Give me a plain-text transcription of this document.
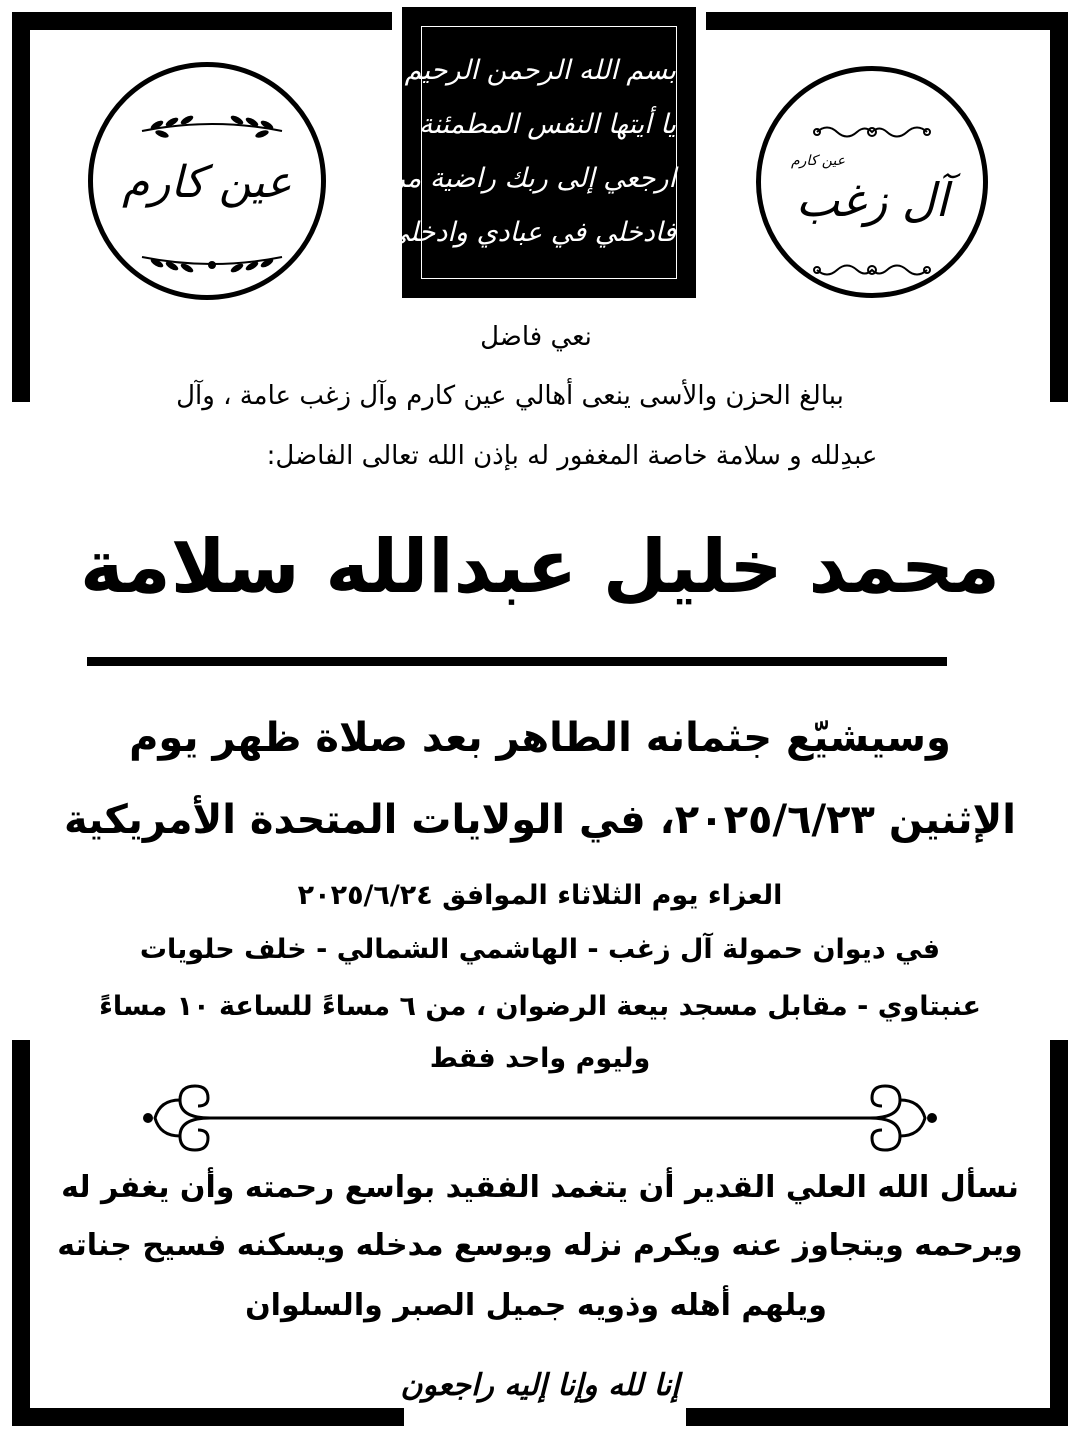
عين كارم
بسم الله الرحمن الرحيم
يا أيتها النفس المطمئنة
ارجعي إلى ربك راضية مرضية
فادخلي في عبادي وادخلي جنتي
عين كارم
آل زغب
نعي فاضل
ببالغ الحزن والأسى ينعى أهالي عين كارم وآل زغب عامة ، وآل
عبدِلله و سلامة خاصة المغفور له بإذن الله تعالى الفاضل:
محمد خليل عبدالله سلامة
وسيشيّع جثمانه الطاهر بعد صلاة ظهر يوم
الإثنين ٢٠٢٥/٦/٢٣، في الولايات المتحدة الأمريكية
العزاء يوم الثلاثاء الموافق ٢٠٢٥/٦/٢٤
في ديوان حمولة آل زغب - الهاشمي الشمالي - خلف حلويات
عنبتاوي - مقابل مسجد بيعة الرضوان ، من ٦ مساءً للساعة ١٠ مساءً
وليوم واحد فقط
نسأل الله العلي القدير أن يتغمد الفقيد بواسع رحمته وأن يغفر له
ويرحمه ويتجاوز عنه ويكرم نزله ويوسع مدخله ويسكنه فسيح جناته
ويلهم أهله وذويه جميل الصبر والسلوان
إنا لله وإنا إليه راجعون
